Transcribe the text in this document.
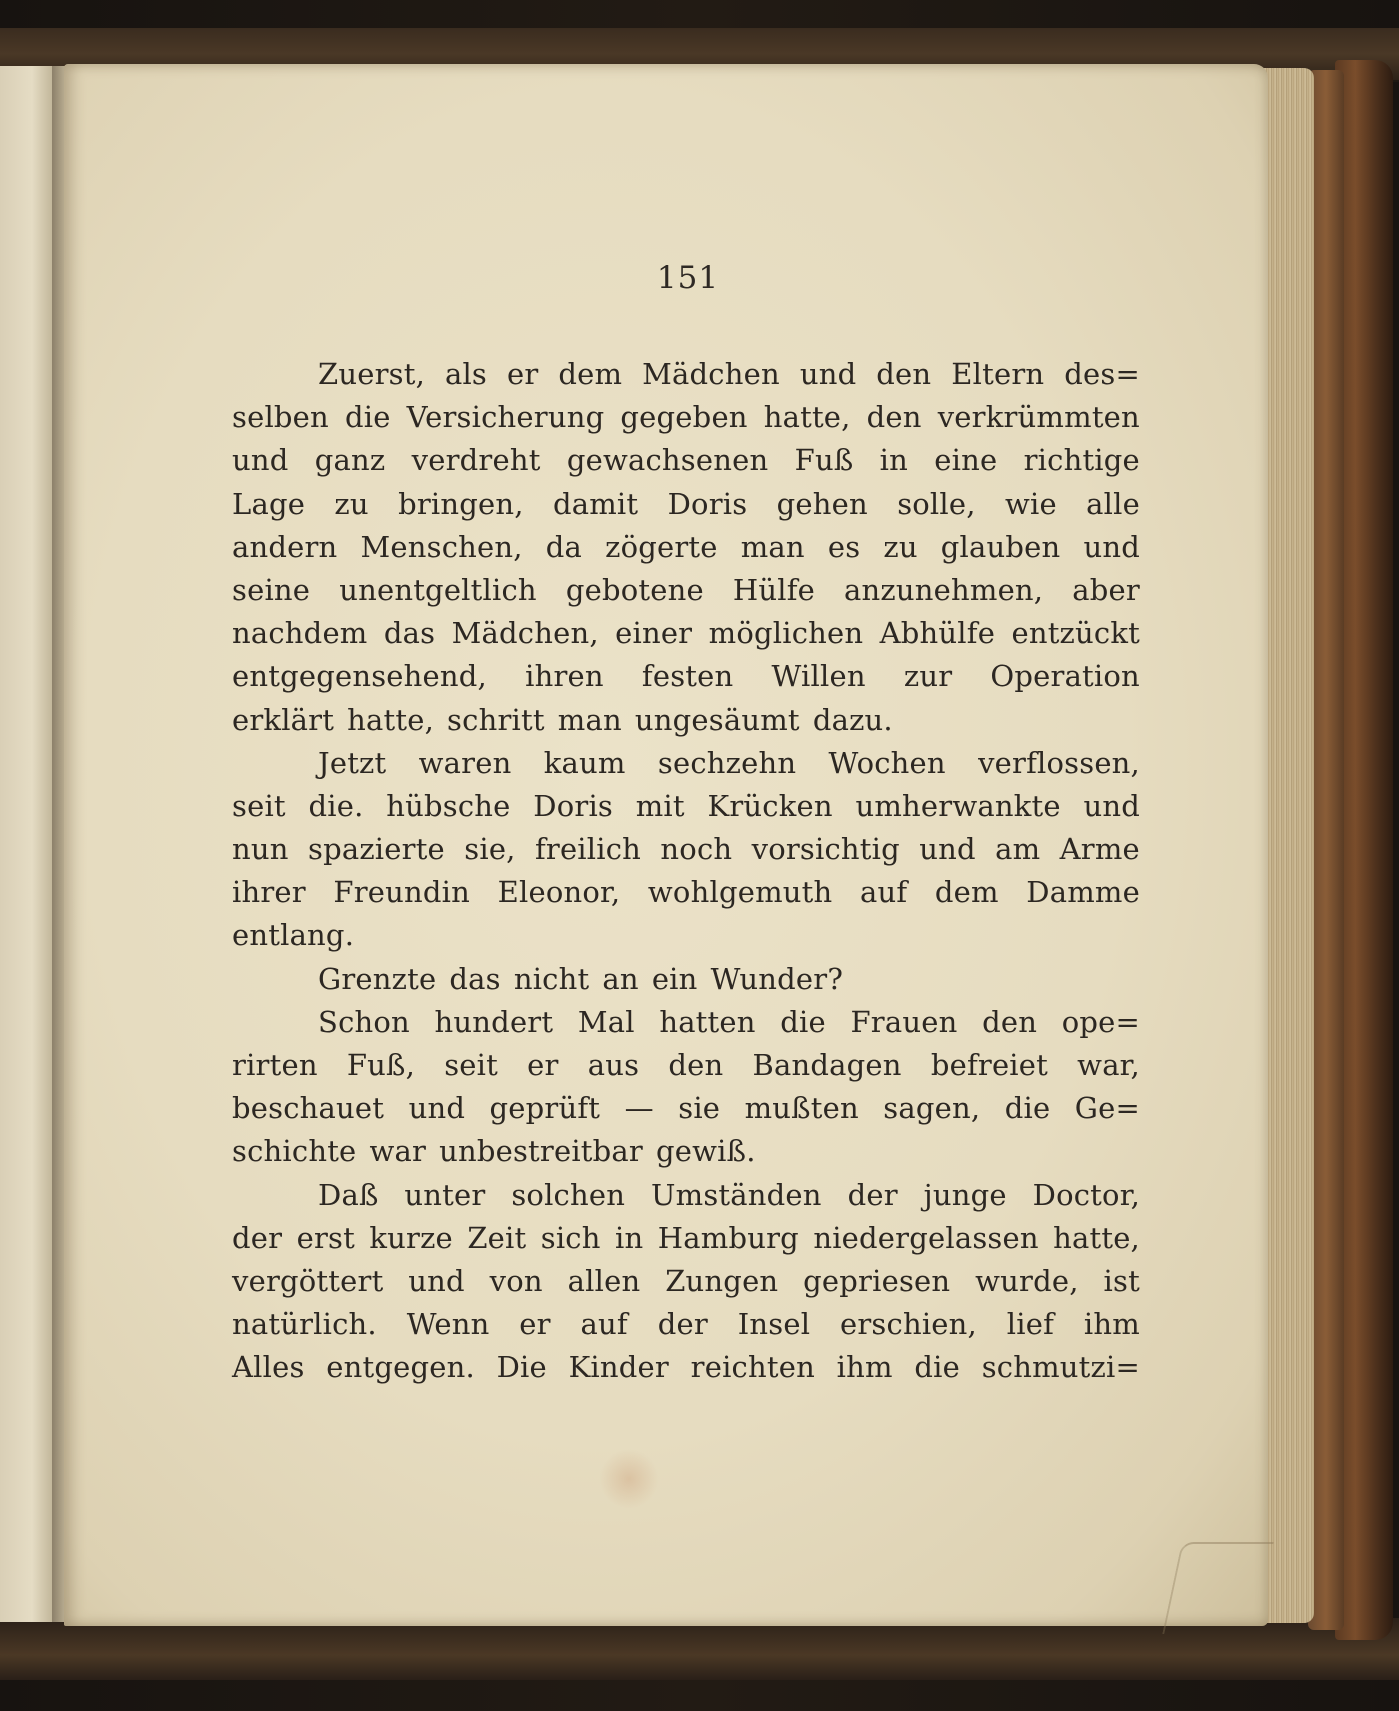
151
Zuerst, als er dem Mädchen und den Eltern des=
selben die Versicherung gegeben hatte, den verkrümmten
und ganz verdreht gewachsenen Fuß in eine richtige
Lage zu bringen, damit Doris gehen solle, wie alle
andern Menschen, da zögerte man es zu glauben und
seine unentgeltlich gebotene Hülfe anzunehmen, aber
nachdem das Mädchen, einer möglichen Abhülfe entzückt
entgegensehend, ihren festen Willen zur Operation
erklärt hatte, schritt man ungesäumt dazu.
Jetzt waren kaum sechzehn Wochen verflossen,
seit die. hübsche Doris mit Krücken umherwankte und
nun spazierte sie, freilich noch vorsichtig und am Arme
ihrer Freundin Eleonor, wohlgemuth auf dem Damme
entlang.
Grenzte das nicht an ein Wunder?
Schon hundert Mal hatten die Frauen den ope=
rirten Fuß, seit er aus den Bandagen befreiet war,
beschauet und geprüft — sie mußten sagen, die Ge=
schichte war unbestreitbar gewiß.
Daß unter solchen Umständen der junge Doctor,
der erst kurze Zeit sich in Hamburg niedergelassen hatte,
vergöttert und von allen Zungen gepriesen wurde, ist
natürlich. Wenn er auf der Insel erschien, lief ihm
Alles entgegen. Die Kinder reichten ihm die schmutzi=
